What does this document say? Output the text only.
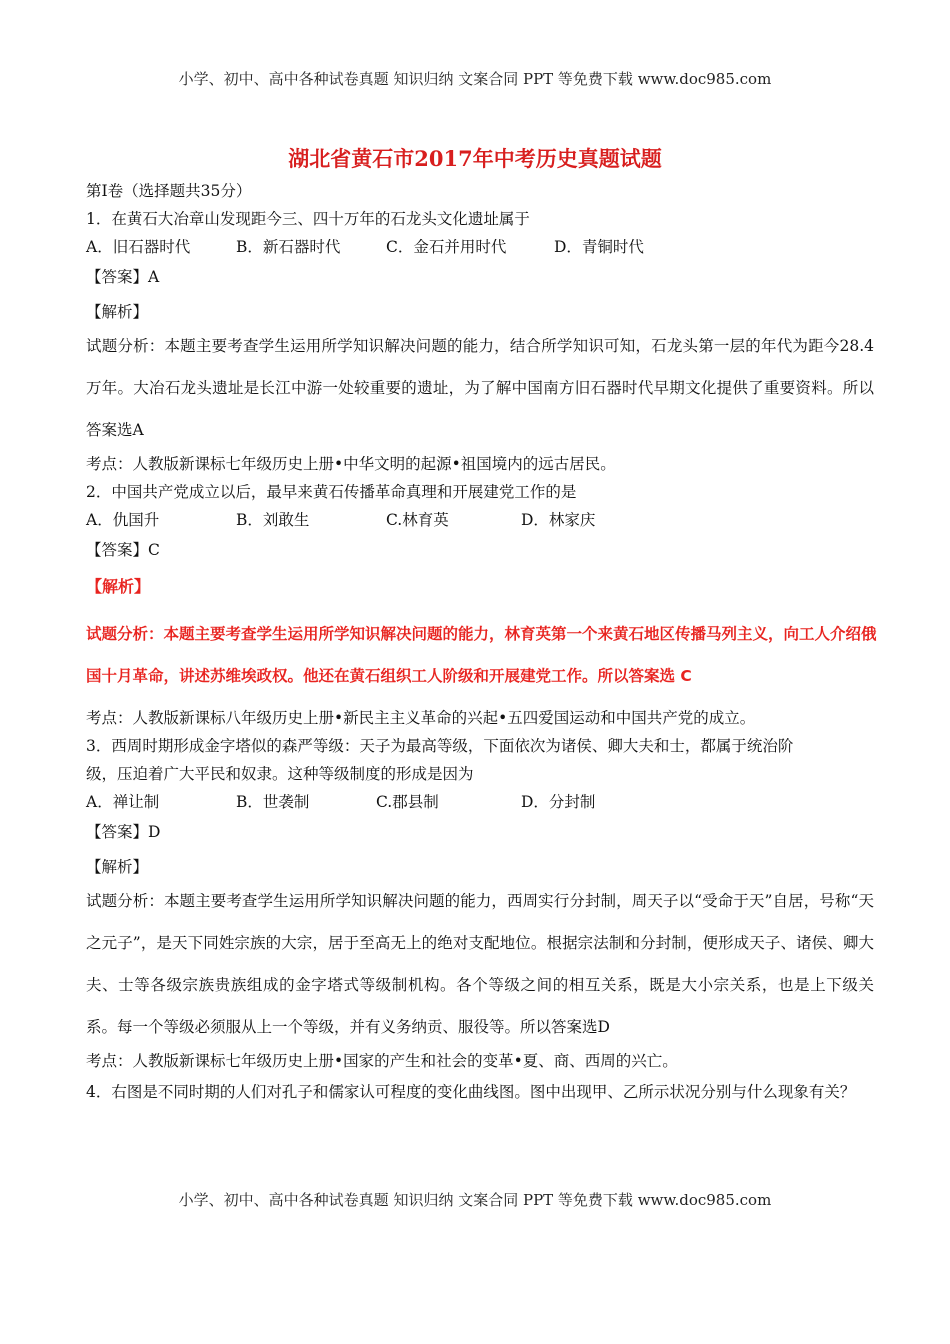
小学、初中、高中各种试卷真题 知识归纳 文案合同 PPT 等免费下载 www.doc985.com
湖北省黄石市2017年中考历史真题试题
第Ⅰ卷（选择题共35分）
1．在黄石大冶章山发现距今三、四十万年的石龙头文化遗址属于
A．旧石器时代	B．新石器时代	C．金石并用时代	D．青铜时代
【答案】A
【解析】
试题分析：本题主要考查学生运用所学知识解决问题的能力，结合所学知识可知，石龙头第一层的年代为距今28.4万年。大冶石龙头遗址是长江中游一处较重要的遗址，为了解中国南方旧石器时代早期文化提供了重要资料。所以答案选A
考点：人教版新课标七年级历史上册•中华文明的起源•祖国境内的远古居民。
2．中国共产党成立以后，最早来黄石传播革命真理和开展建党工作的是
A．仇国升	B．刘敢生	C.林育英	D．林家庆
【答案】C
【解析】
试题分析：本题主要考查学生运用所学知识解决问题的能力，林育英第一个来黄石地区传播马列主义，向工人介绍俄国十月革命，讲述苏维埃政权。他还在黄石组织工人阶级和开展建党工作。所以答案选 C
考点：人教版新课标八年级历史上册•新民主主义革命的兴起•五四爱国运动和中国共产党的成立。
3．西周时期形成金字塔似的森严等级：天子为最高等级，下面依次为诸侯、卿大夫和士，都属于统治阶
级，压迫着广大平民和奴隶。这种等级制度的形成是因为
A．禅让制	B．世袭制	C.郡县制	D．分封制
【答案】D
【解析】
试题分析：本题主要考查学生运用所学知识解决问题的能力，西周实行分封制，周天子以“受命于天”自居，号称“天之元子”，是天下同姓宗族的大宗，居于至高无上的绝对支配地位。根据宗法制和分封制，便形成天子、诸侯、卿大夫、士等各级宗族贵族组成的金字塔式等级制机构。各个等级之间的相互关系，既是大小宗关系，也是上下级关系。每一个等级必须服从上一个等级，并有义务纳贡、服役等。所以答案选D
考点：人教版新课标七年级历史上册•国家的产生和社会的变革•夏、商、西周的兴亡。
4．右图是不同时期的人们对孔子和儒家认可程度的变化曲线图。图中出现甲、乙所示状况分别与什么现象有关？
小学、初中、高中各种试卷真题 知识归纳 文案合同 PPT 等免费下载 www.doc985.com
